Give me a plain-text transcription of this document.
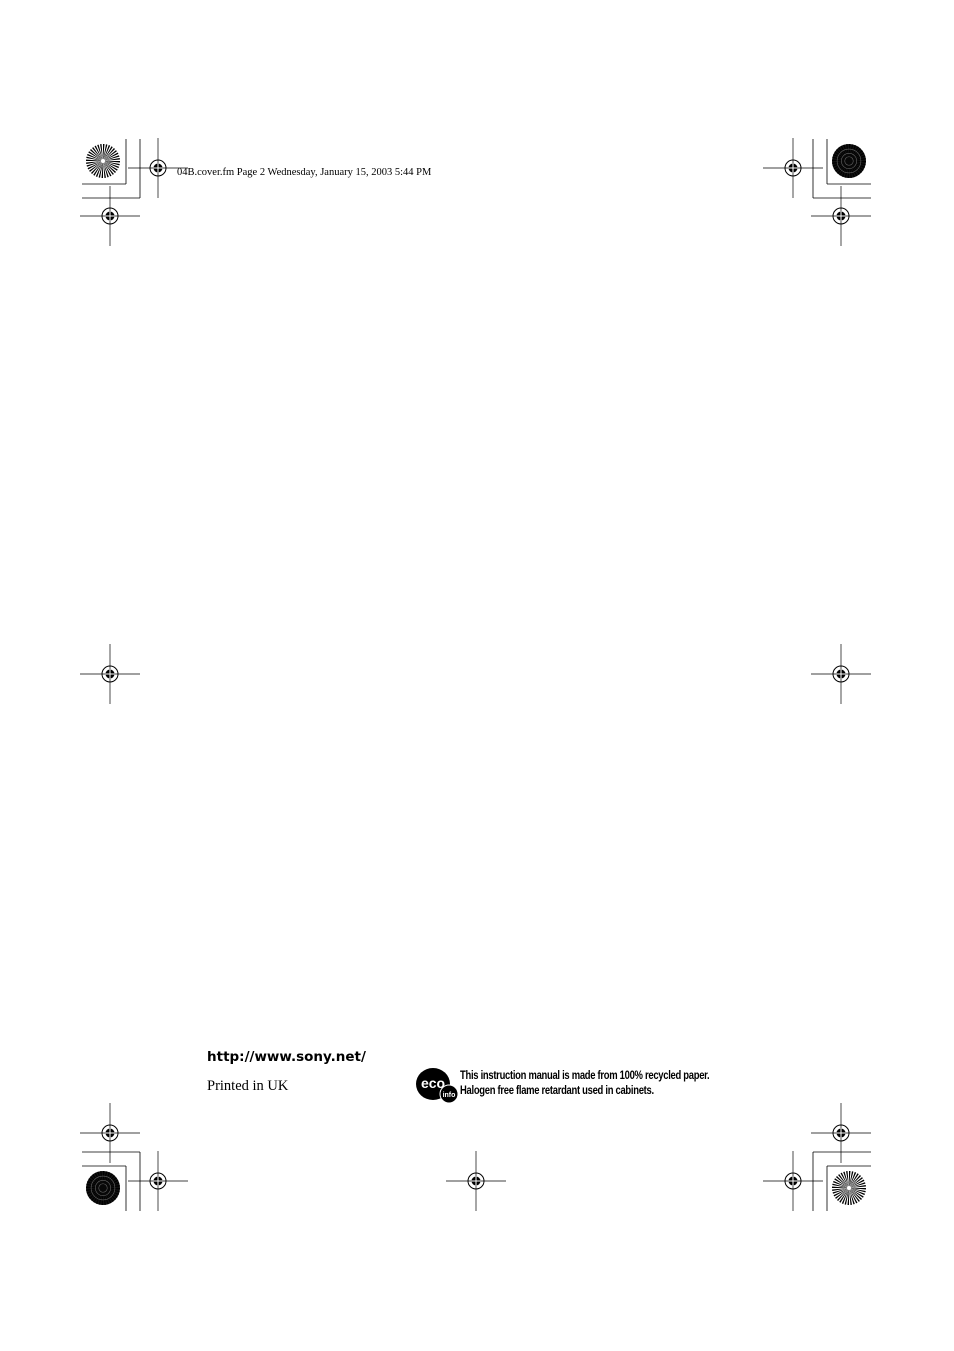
04B.cover.fm Page 2 Wednesday, January 15, 2003 5:44 PM
http://www.sony.net/
Printed in UK	eco
info
This instruction manual is made from 100% recycled paper.
Halogen free flame retardant used in cabinets.
